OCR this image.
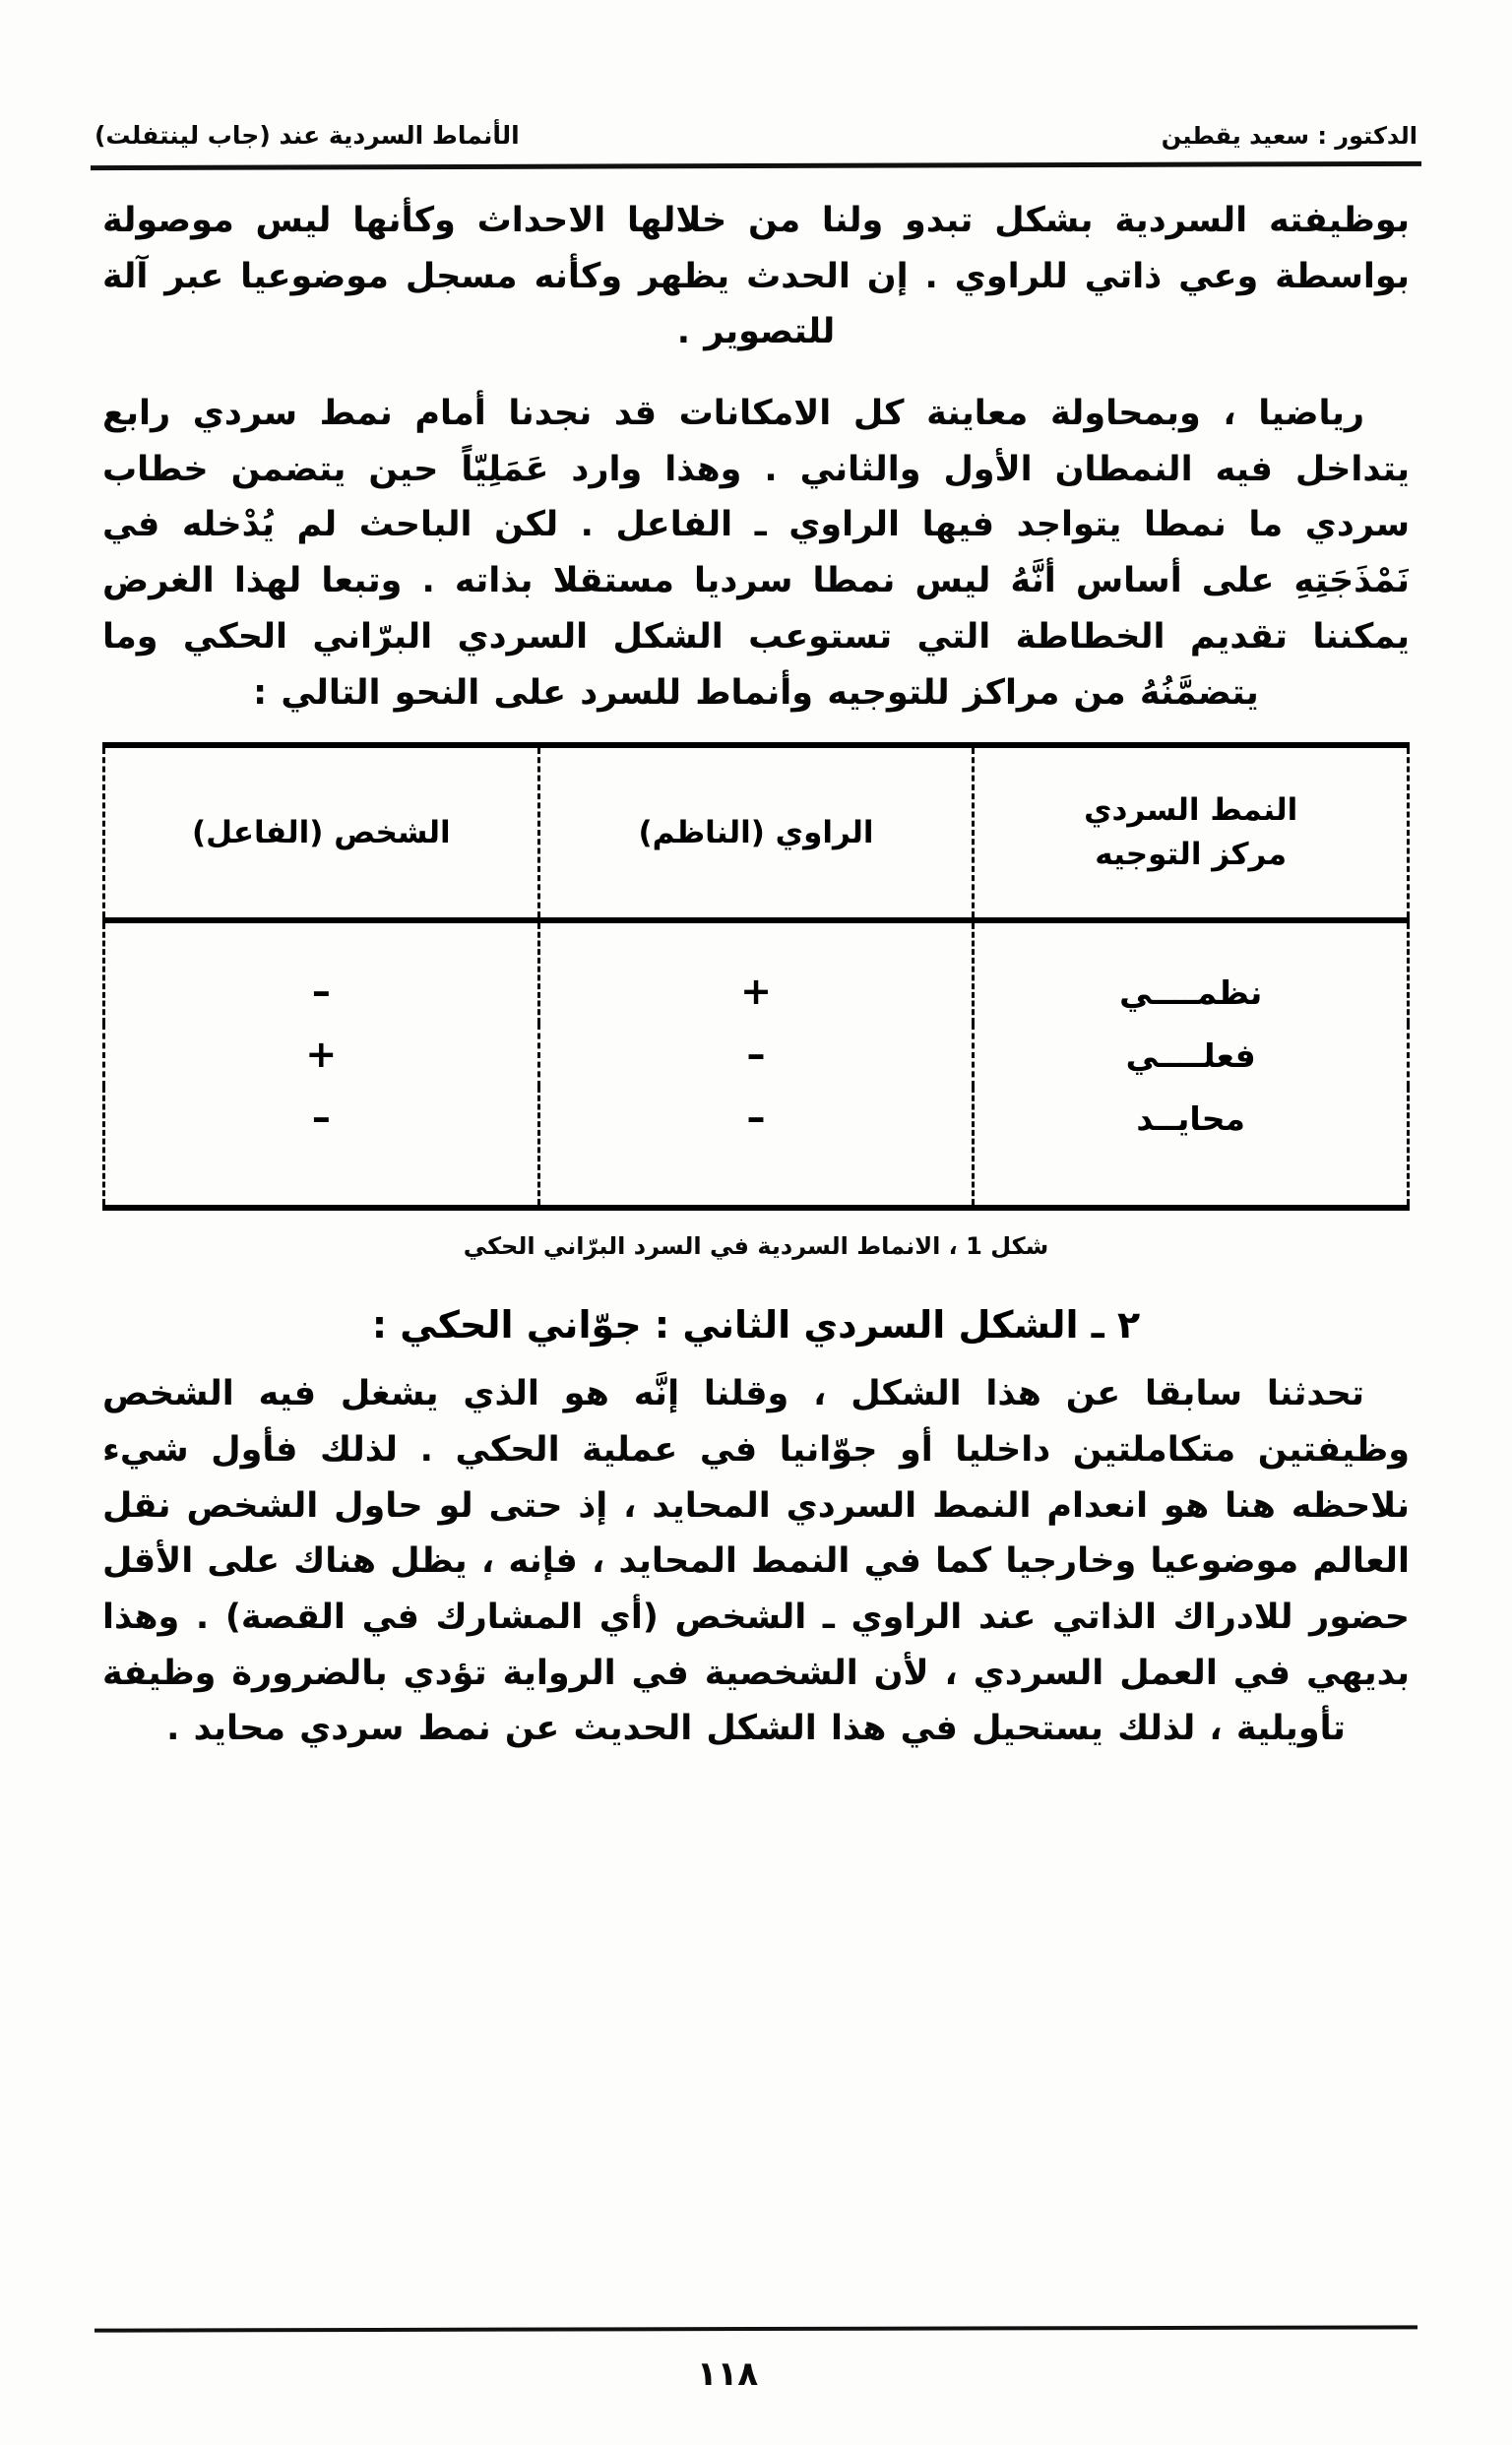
الأنماط السردية عند (جاب لينتفلت)	الدكتور : سعيد يقطين

بوظيفته السردية بشكل تبدو ولنا من خلالها الاحداث وكأنها ليس موصولة بواسطة وعي ذاتي للراوي . إن الحدث يظهر وكأنه مسجل موضوعيا عبر آلة للتصوير .

رياضيا ، وبمحاولة معاينة كل الامكانات قد نجدنا أمام نمط سردي رابع يتداخل فيه النمطان الأول والثاني . وهذا وارد عَمَلِيّاً حين يتضمن خطاب سردي ما نمطا يتواجد فيها الراوي ـ الفاعل . لكن الباحث لم يُدْخله في نَمْذَجَتِهِ على أساس أنَّهُ ليس نمطا سرديا مستقلا بذاته . وتبعا لهذا الغرض يمكننا تقديم الخطاطة التي تستوعب الشكل السردي البرّاني الحكي وما يتضمَّنُهُ من مراكز للتوجيه وأنماط للسرد على النحو التالي :

النمط السردي
مركز التوجيه	الراوي (الناظم)	الشخص (الفاعل)
نظمــــي	+	–
فعلــــي	–	+
محايــد	–	–
شكل 1 ، الانماط السردية في السرد البرّاني الحكي
٢ ـ الشكل السردي الثاني : جوّاني الحكي :

تحدثنا سابقا عن هذا الشكل ، وقلنا إنَّه هو الذي يشغل فيه الشخص وظيفتين متكاملتين داخليا أو جوّانيا في عملية الحكي . لذلك فأول شيء نلاحظه هنا هو انعدام النمط السردي المحايد ، إذ حتى لو حاول الشخص نقل العالم موضوعيا وخارجيا كما في النمط المحايد ، فإنه ، يظل هناك على الأقل حضور للادراك الذاتي عند الراوي ـ الشخص (أي المشارك في القصة) . وهذا بديهي في العمل السردي ، لأن الشخصية في الرواية تؤدي بالضرورة وظيفة تأويلية ، لذلك يستحيل في هذا الشكل الحديث عن نمط سردي محايد .

١١٨
